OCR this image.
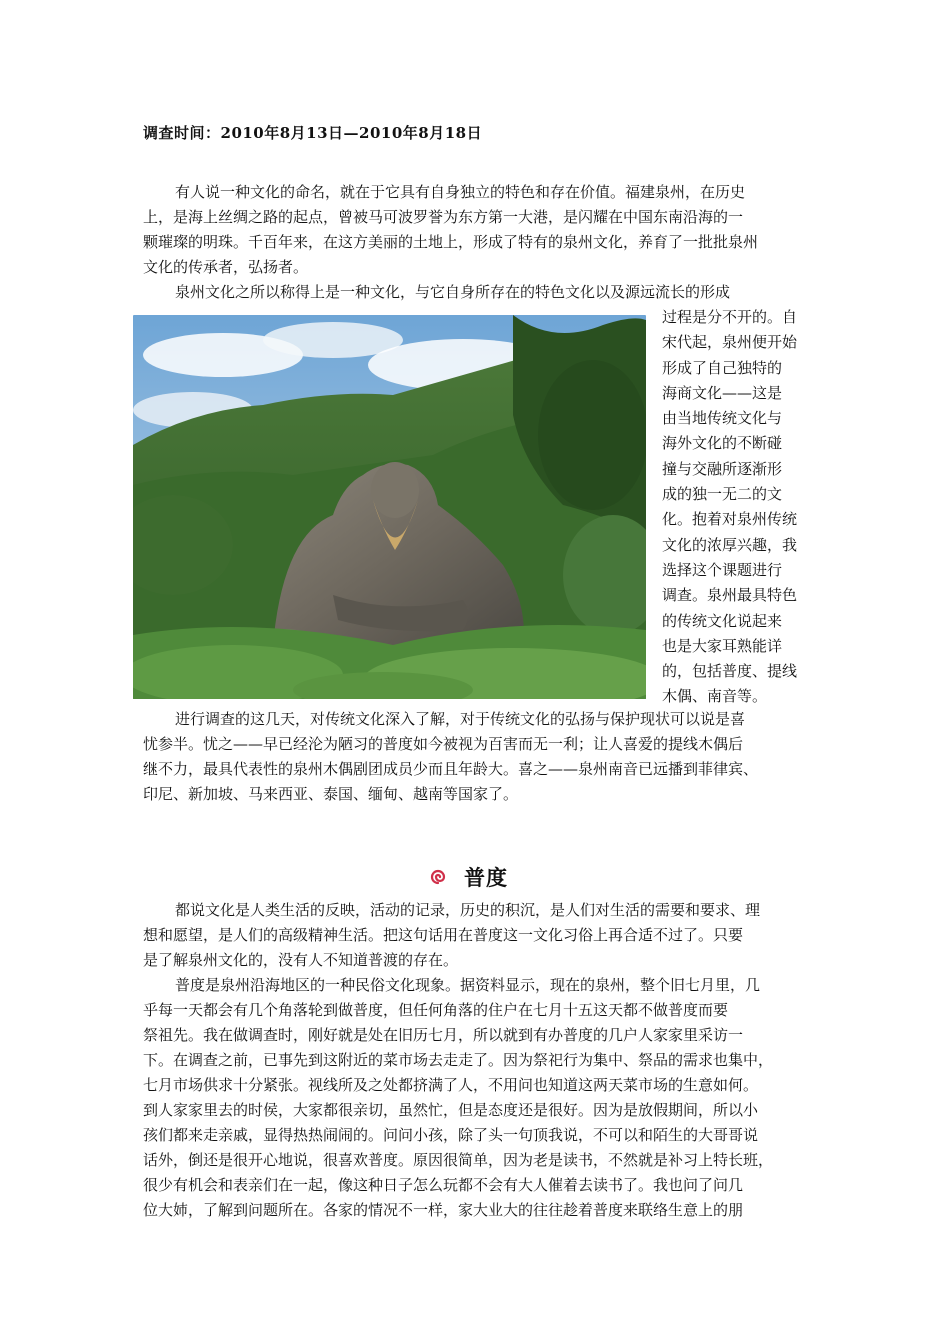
调查时间：2010年8月13日—2010年8月18日
有人说一种文化的命名，就在于它具有自身独立的特色和存在价值。福建泉州，在历史
上，是海上丝绸之路的起点，曾被马可波罗誉为东方第一大港，是闪耀在中国东南沿海的一
颗璀璨的明珠。千百年来，在这方美丽的土地上，形成了特有的泉州文化，养育了一批批泉州
文化的传承者，弘扬者。
泉州文化之所以称得上是一种文化，与它自身所存在的特色文化以及源远流长的形成
过程是分不开的。自
宋代起，泉州便开始
形成了自己独特的
海商文化——这是
由当地传统文化与
海外文化的不断碰
撞与交融所逐渐形
成的独一无二的文
化。抱着对泉州传统
文化的浓厚兴趣，我
选择这个课题进行
调查。泉州最具特色
的传统文化说起来
也是大家耳熟能详
的，包括普度、提线
木偶、南音等。
进行调查的这几天，对传统文化深入了解，对于传统文化的弘扬与保护现状可以说是喜
忧参半。忧之——早已经沦为陋习的普度如今被视为百害而无一利；让人喜爱的提线木偶后
继不力，最具代表性的泉州木偶剧团成员少而且年龄大。喜之——泉州南音已远播到菲律宾、
印尼、新加坡、马来西亚、泰国、缅甸、越南等国家了。
普度
都说文化是人类生活的反映，活动的记录，历史的积沉，是人们对生活的需要和要求、理
想和愿望，是人们的高级精神生活。把这句话用在普度这一文化习俗上再合适不过了。只要
是了解泉州文化的，没有人不知道普渡的存在。
普度是泉州沿海地区的一种民俗文化现象。据资料显示，现在的泉州，整个旧七月里，几
乎每一天都会有几个角落轮到做普度，但任何角落的住户在七月十五这天都不做普度而要
祭祖先。我在做调查时，刚好就是处在旧历七月，所以就到有办普度的几户人家家里采访一
下。在调查之前，已事先到这附近的菜市场去走走了。因为祭祀行为集中、祭品的需求也集中，
七月市场供求十分紧张。视线所及之处都挤满了人，不用问也知道这两天菜市场的生意如何。
到人家家里去的时侯，大家都很亲切，虽然忙，但是态度还是很好。因为是放假期间，所以小
孩们都来走亲戚，显得热热闹闹的。问问小孩，除了头一句顶我说，不可以和陌生的大哥哥说
话外，倒还是很开心地说，很喜欢普度。原因很简单，因为老是读书，不然就是补习上特长班，
很少有机会和表亲们在一起，像这种日子怎么玩都不会有大人催着去读书了。我也问了问几
位大姉，了解到问题所在。各家的情况不一样，家大业大的往往趁着普度来联络生意上的朋
